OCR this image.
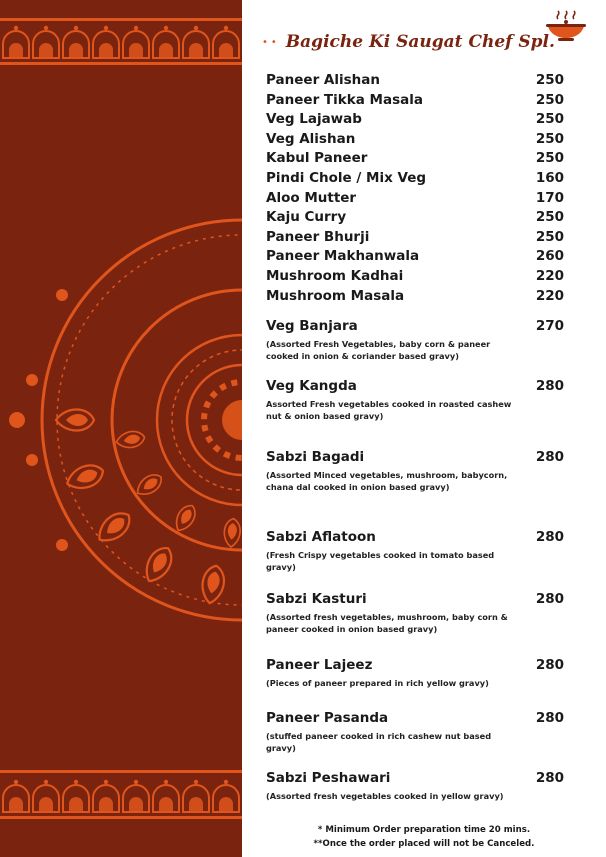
•• Bagiche Ki Saugat Chef Spl.
Paneer Alishan	250
Paneer Tikka Masala	250
Veg Lajawab	250
Veg Alishan	250
Kabul Paneer	250
Pindi Chole / Mix Veg	160
Aloo Mutter	170
Kaju Curry	250
Paneer Bhurji	250
Paneer Makhanwala	260
Mushroom Kadhai	220
Mushroom Masala	220
Veg Banjara	270
(Assorted Fresh Vegetables, baby corn & paneer cooked in onion & coriander based gravy)
Veg Kangda	280
Assorted Fresh vegetables cooked in roasted cashew nut & onion based gravy)
Sabzi Bagadi	280
(Assorted Minced vegetables, mushroom, babycorn, chana dal cooked in onion based gravy)
Sabzi Aflatoon	280
(Fresh Crispy vegetables cooked in tomato based gravy)
Sabzi Kasturi	280
(Assorted fresh vegetables, mushroom, baby corn & paneer cooked in onion based gravy)
Paneer Lajeez	280
(Pieces of paneer prepared in rich yellow gravy)
Paneer Pasanda	280
(stuffed paneer cooked in rich cashew nut based gravy)
Sabzi Peshawari	280
(Assorted fresh vegetables cooked in yellow gravy)
* Minimum Order preparation time 20 mins.
**Once the order placed will not be Canceled.
